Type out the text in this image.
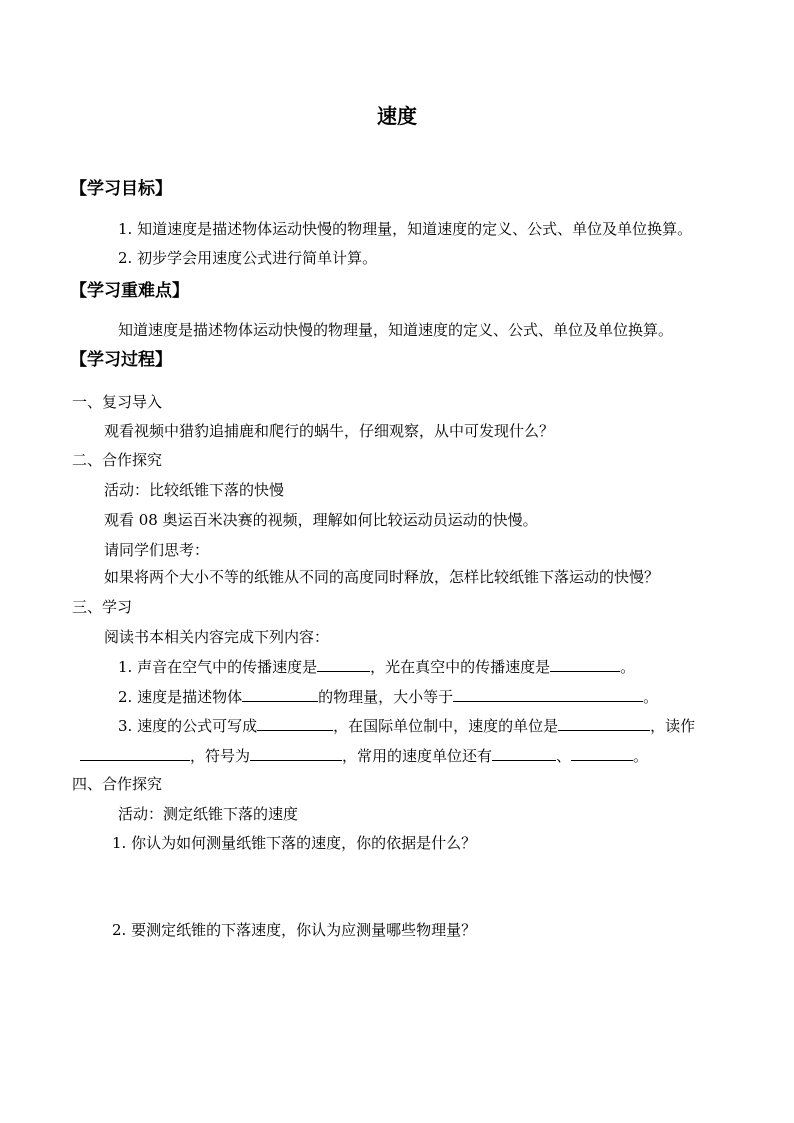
速度
【学习目标】
1. 知道速度是描述物体运动快慢的物理量，知道速度的定义、公式、单位及单位换算。
2. 初步学会用速度公式进行简单计算。
【学习重难点】
知道速度是描述物体运动快慢的物理量，知道速度的定义、公式、单位及单位换算。
【学习过程】
一、复习导入
观看视频中猎豹追捕鹿和爬行的蜗牛，仔细观察，从中可发现什么？
二、合作探究
活动：比较纸锥下落的快慢
观看 08 奥运百米决赛的视频，理解如何比较运动员运动的快慢。
请同学们思考：
如果将两个大小不等的纸锥从不同的高度同时释放，怎样比较纸锥下落运动的快慢？
三、学习
阅读书本相关内容完成下列内容：
1. 声音在空气中的传播速度是	，光在真空中的传播速度是	。
2. 速度是描述物体	的物理量，大小等于	。
3. 速度的公式可写成	，在国际单位制中，速度的单位是	，读作
，符号为	，常用的速度单位还有	、	。
四、合作探究
活动：测定纸锥下落的速度
1. 你认为如何测量纸锥下落的速度，你的依据是什么？
2. 要测定纸锥的下落速度，你认为应测量哪些物理量？
